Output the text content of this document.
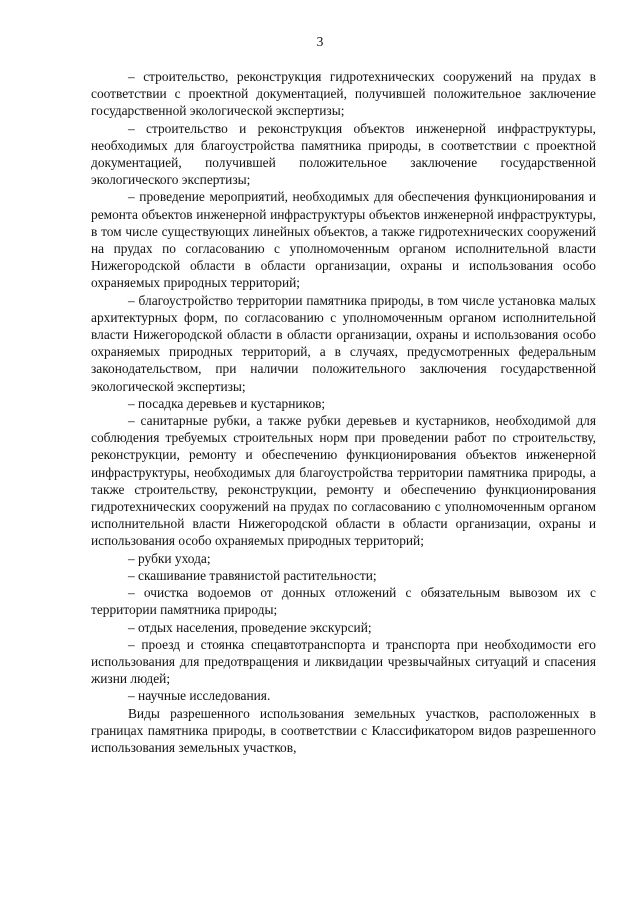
3

– строительство, реконструкция гидротехнических сооружений на прудах в соответствии с проектной документацией, получившей положительное заключение государственной экологической экспертизы;

– строительство и реконструкция объектов инженерной инфраструктуры, необходимых для благоустройства памятника природы, в соответствии с проектной документацией, получившей положительное заключение государственной экологического экспертизы;

– проведение мероприятий, необходимых для обеспечения функционирования и ремонта объектов инженерной инфраструктуры объектов инженерной инфраструктуры, в том числе существующих линейных объектов, а также гидротехнических сооружений на прудах по согласованию с уполномоченным органом исполнительной власти Нижегородской области в области организации, охраны и использования особо охраняемых природных территорий;

– благоустройство территории памятника природы, в том числе установка малых архитектурных форм, по согласованию с уполномоченным органом исполнительной власти Нижегородской области в области организации, охраны и использования особо охраняемых природных территорий, а в случаях, предусмотренных федеральным законодательством, при наличии положительного заключения государственной экологической экспертизы;

– посадка деревьев и кустарников;

– санитарные рубки, а также рубки деревьев и кустарников, необходимой для соблюдения требуемых строительных норм при проведении работ по строительству, реконструкции, ремонту и обеспечению функционирования объектов инженерной инфраструктуры, необходимых для благоустройства территории памятника природы, а также строительству, реконструкции, ремонту и обеспечению функционирования гидротехнических сооружений на прудах по согласованию с уполномоченным органом исполнительной власти Нижегородской области в области организации, охраны и использования особо охраняемых природных территорий;

– рубки ухода;

– скашивание травянистой растительности;

– очистка водоемов от донных отложений с обязательным вывозом их с территории памятника природы;

– отдых населения, проведение экскурсий;

– проезд и стоянка спецавтотранспорта и транспорта при необходимости его использования для предотвращения и ликвидации чрезвычайных ситуаций и спасения жизни людей;

– научные исследования.

Виды разрешенного использования земельных участков, расположенных в границах памятника природы, в соответствии с Классификатором видов разрешенного использования земельных участков,
